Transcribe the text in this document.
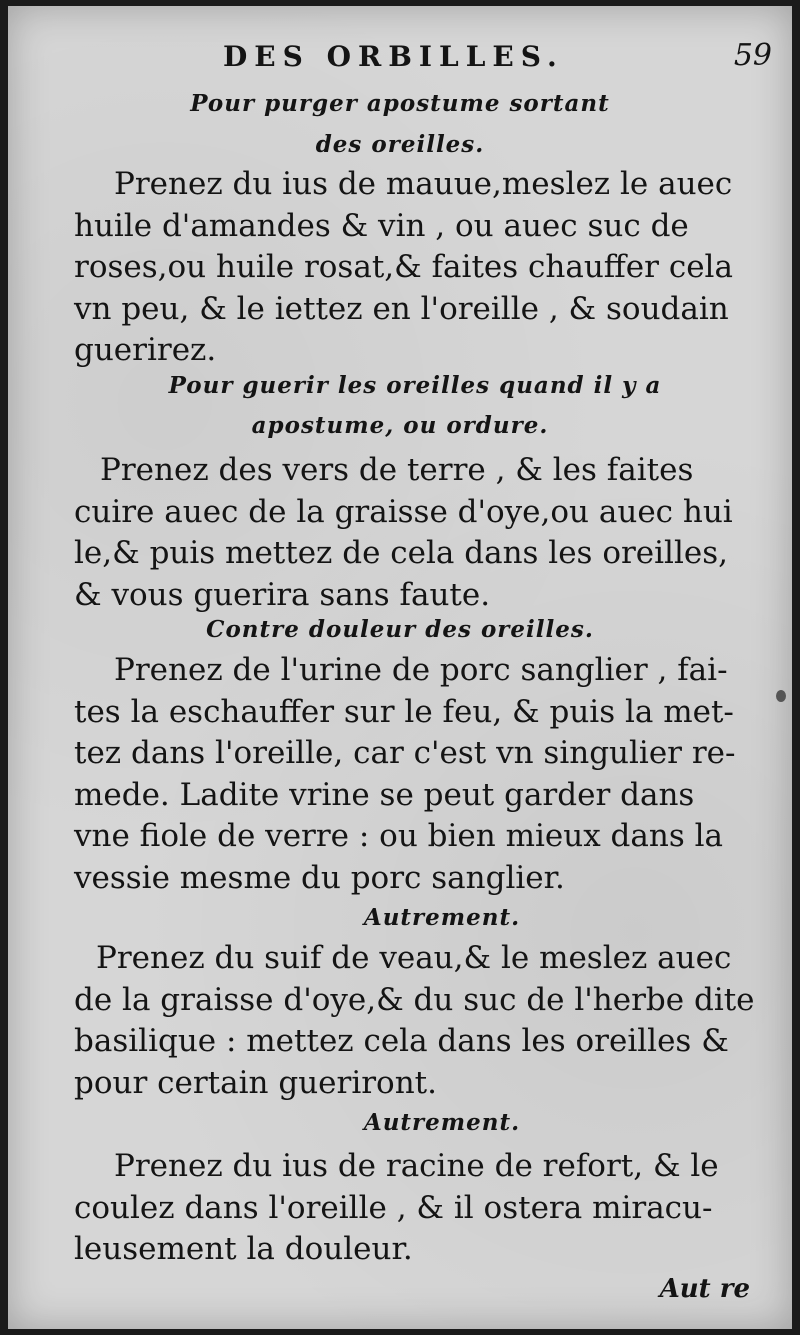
DES ORBILLES.	59
Pour purger apostume sortant
des oreilles.

Prenez du ius de mauue,meslez le auec

huile d'amandes & vin , ou auec suc de

roses,ou huile rosat,& faites chauffer cela

vn peu, & le iettez en l'oreille , & soudain

guerirez.

Pour guerir les oreilles quand il y a
apostume, ou ordure.

Prenez des vers de terre , & les faites

cuire auec de la graisse d'oye,ou auec hui

le,& puis mettez de cela dans les oreilles,

& vous guerira sans faute.

Contre douleur des oreilles.

Prenez de l'urine de porc sanglier , fai-

tes la eschauffer sur le feu, & puis la met-

tez dans l'oreille, car c'est vn singulier re-

mede. Ladite vrine se peut garder dans

vne fiole de verre : ou bien mieux dans la

vessie mesme du porc sanglier.

Autrement.

Prenez du suif de veau,& le meslez auec

de la graisse d'oye,& du suc de l'herbe dite

basilique : mettez cela dans les oreilles &

pour certain gueriront.

Autrement.

Prenez du ius de racine de refort, & le

coulez dans l'oreille , & il ostera miracu-

leusement la douleur.

Aut re
